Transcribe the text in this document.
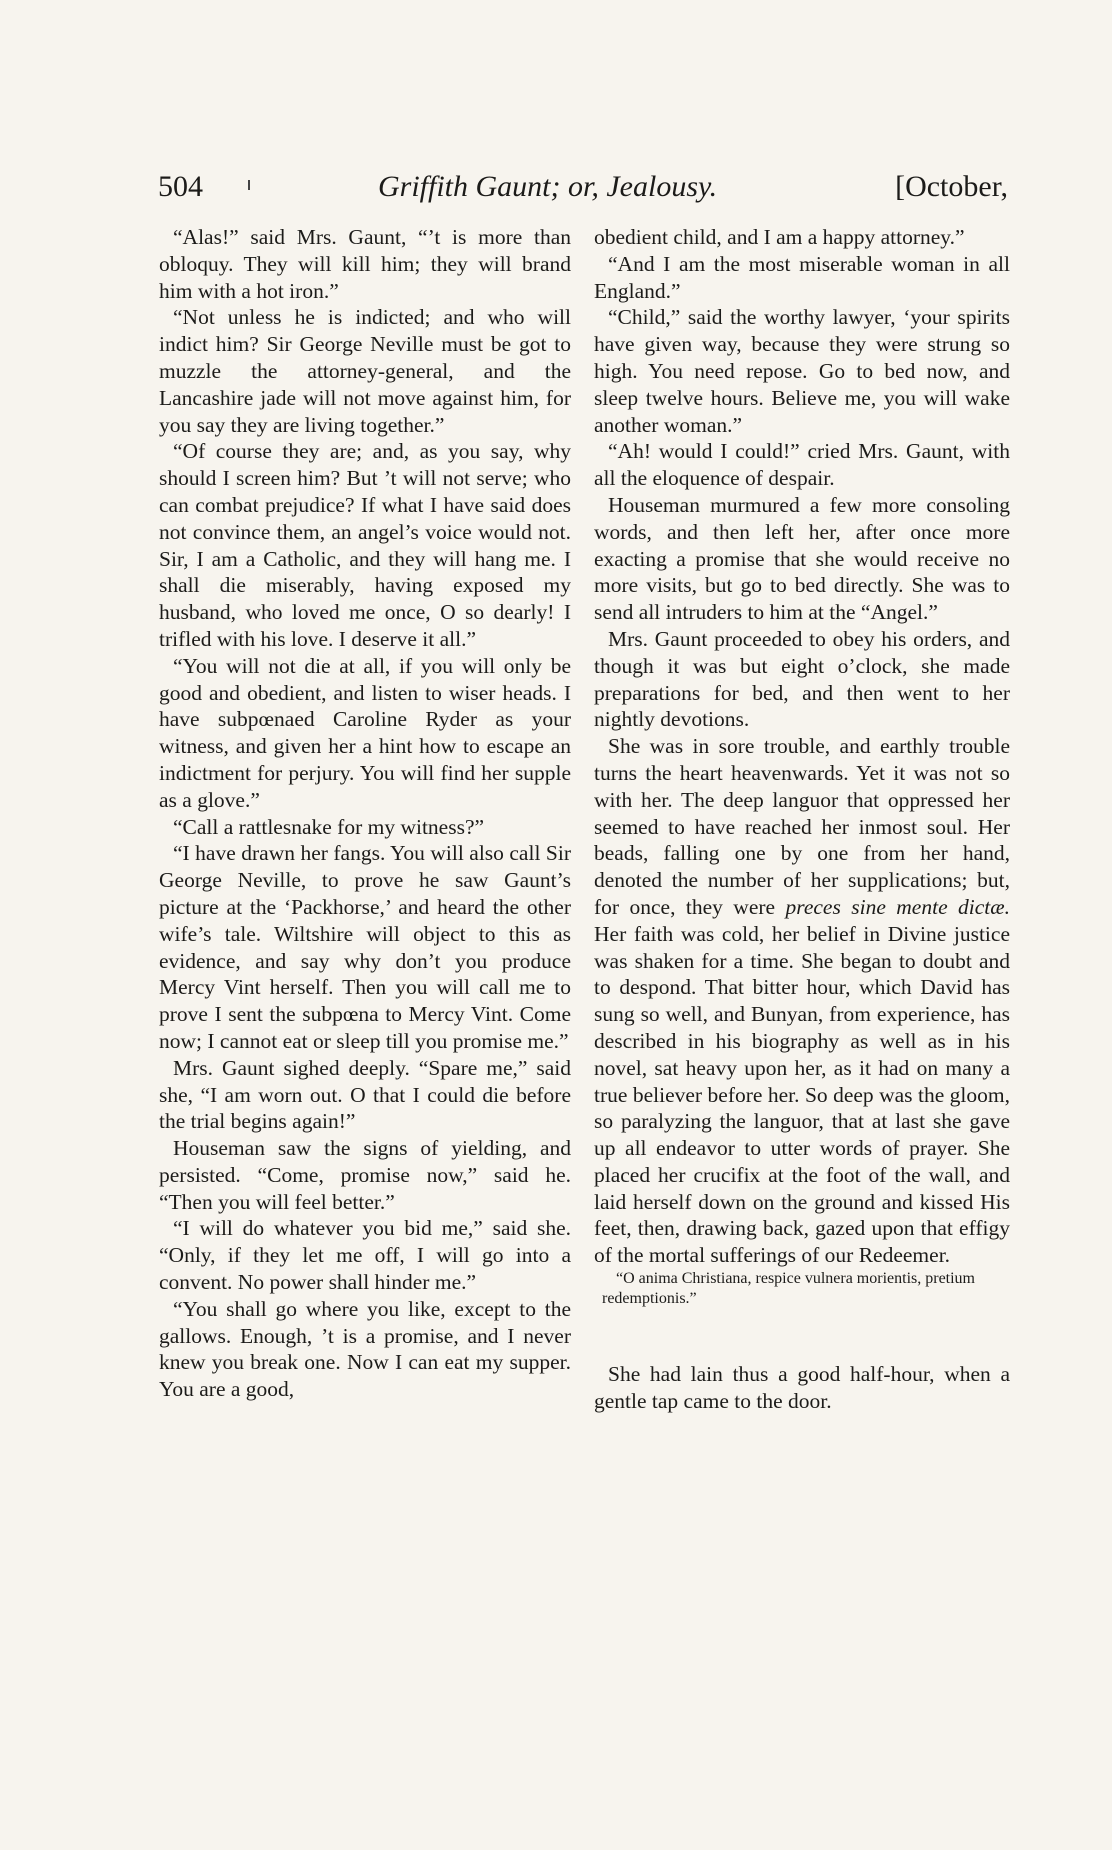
504	Griffith Gaunt; or, Jealousy.	[October,

“Alas!” said Mrs. Gaunt, “’t is more than obloquy. They will kill him; they will brand him with a hot iron.”

“Not unless he is indicted; and who will indict him? Sir George Neville must be got to muzzle the attorney-general, and the Lancashire jade will not move against him, for you say they are living together.”

“Of course they are; and, as you say, why should I screen him? But ’t will not serve; who can combat prejudice? If what I have said does not convince them, an angel’s voice would not. Sir, I am a Catholic, and they will hang me. I shall die miserably, having exposed my husband, who loved me once, O so dearly! I trifled with his love. I deserve it all.”

“You will not die at all, if you will only be good and obedient, and listen to wiser heads. I have subpœnaed Caroline Ryder as your witness, and given her a hint how to escape an indictment for perjury. You will find her supple as a glove.”

“Call a rattlesnake for my witness?”

“I have drawn her fangs. You will also call Sir George Neville, to prove he saw Gaunt’s picture at the ‘Packhorse,’ and heard the other wife’s tale. Wiltshire will object to this as evidence, and say why don’t you produce Mercy Vint herself. Then you will call me to prove I sent the subpœna to Mercy Vint. Come now; I cannot eat or sleep till you promise me.”

Mrs. Gaunt sighed deeply. “Spare me,” said she, “I am worn out. O that I could die before the trial begins again!”

Houseman saw the signs of yielding, and persisted. “Come, promise now,” said he. “Then you will feel better.”

“I will do whatever you bid me,” said she. “Only, if they let me off, I will go into a convent. No power shall hinder me.”

“You shall go where you like, except to the gallows. Enough, ’t is a promise, and I never knew you break one. Now I can eat my supper. You are a good,

obedient child, and I am a happy attorney.”

“And I am the most miserable woman in all England.”

“Child,” said the worthy lawyer, ‘your spirits have given way, because they were strung so high. You need repose. Go to bed now, and sleep twelve hours. Believe me, you will wake another woman.”

“Ah! would I could!” cried Mrs. Gaunt, with all the eloquence of despair.

Houseman murmured a few more consoling words, and then left her, after once more exacting a promise that she would receive no more visits, but go to bed directly. She was to send all intruders to him at the “Angel.”

Mrs. Gaunt proceeded to obey his orders, and though it was but eight o’clock, she made preparations for bed, and then went to her nightly devotions.

She was in sore trouble, and earthly trouble turns the heart heavenwards. Yet it was not so with her. The deep languor that oppressed her seemed to have reached her inmost soul. Her beads, falling one by one from her hand, denoted the number of her supplications; but, for once, they were preces sine mente dictæ. Her faith was cold, her belief in Divine justice was shaken for a time. She began to doubt and to despond. That bitter hour, which David has sung so well, and Bunyan, from experience, has described in his biography as well as in his novel, sat heavy upon her, as it had on many a true believer before her. So deep was the gloom, so paralyzing the languor, that at last she gave up all endeavor to utter words of prayer. She placed her crucifix at the foot of the wall, and laid herself down on the ground and kissed His feet, then, drawing back, gazed upon that effigy of the mortal sufferings of our Redeemer.

“O anima Christiana, respice vulnera morientis, pretium redemptionis.”

She had lain thus a good half-hour, when a gentle tap came to the door.
